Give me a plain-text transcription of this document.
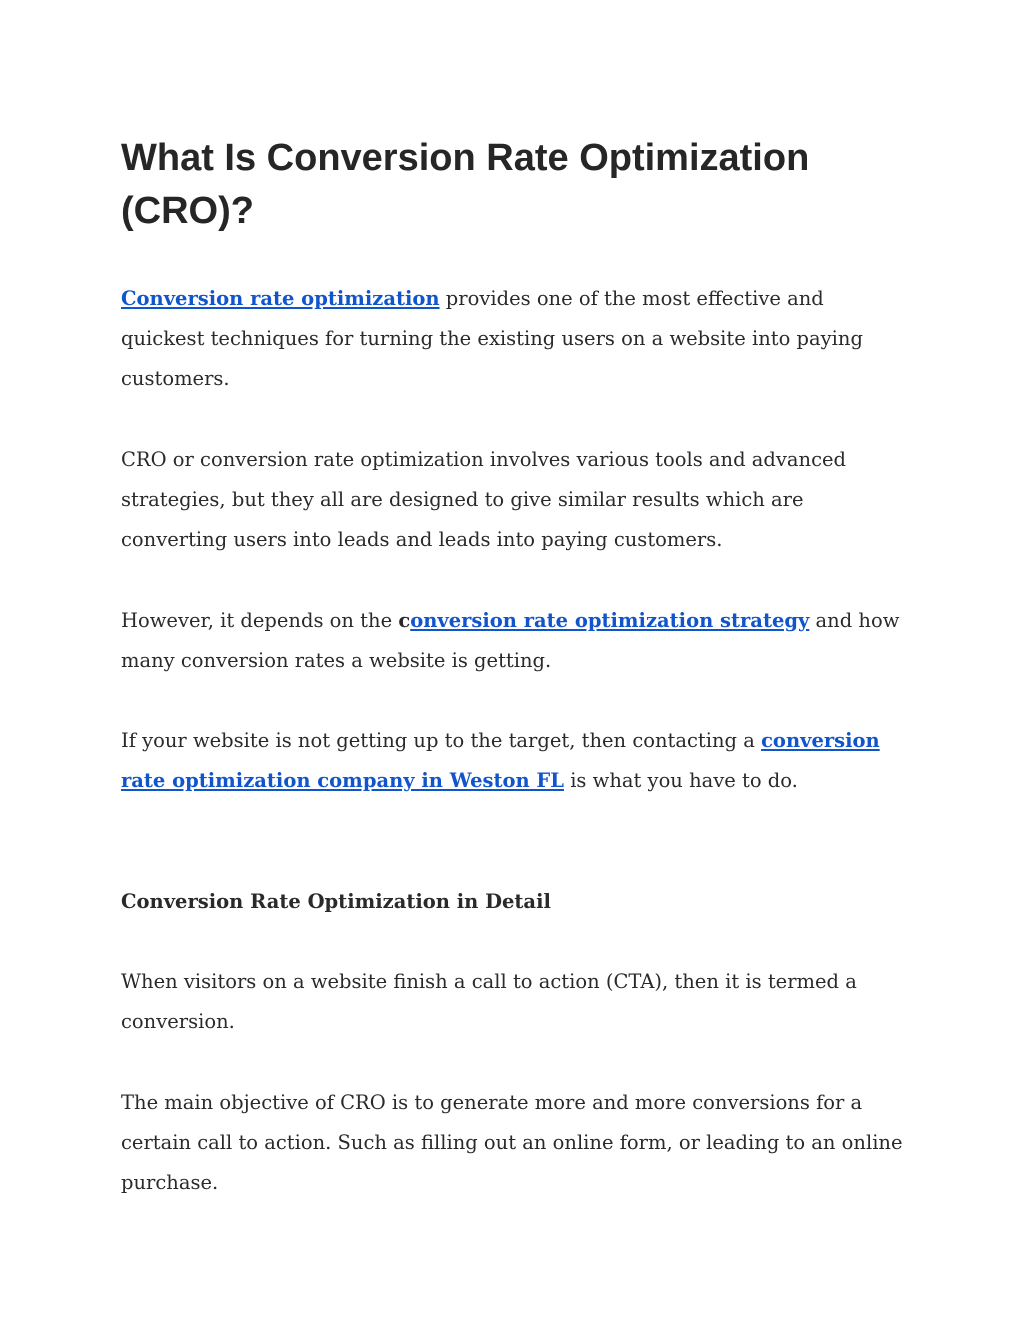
What Is Conversion Rate Optimization (CRO)?

Conversion rate optimization provides one of the most effective and quickest techniques for turning the existing users on a website into paying customers.

CRO or conversion rate optimization involves various tools and advanced strategies, but they all are designed to give similar results which are converting users into leads and leads into paying customers.

However, it depends on the conversion rate optimization strategy and how many conversion rates a website is getting.

If your website is not getting up to the target, then contacting a conversion rate optimization company in Weston FL is what you have to do.

Conversion Rate Optimization in Detail

When visitors on a website finish a call to action (CTA), then it is termed a conversion.

The main objective of CRO is to generate more and more conversions for a certain call to action. Such as filling out an online form, or leading to an online purchase.
